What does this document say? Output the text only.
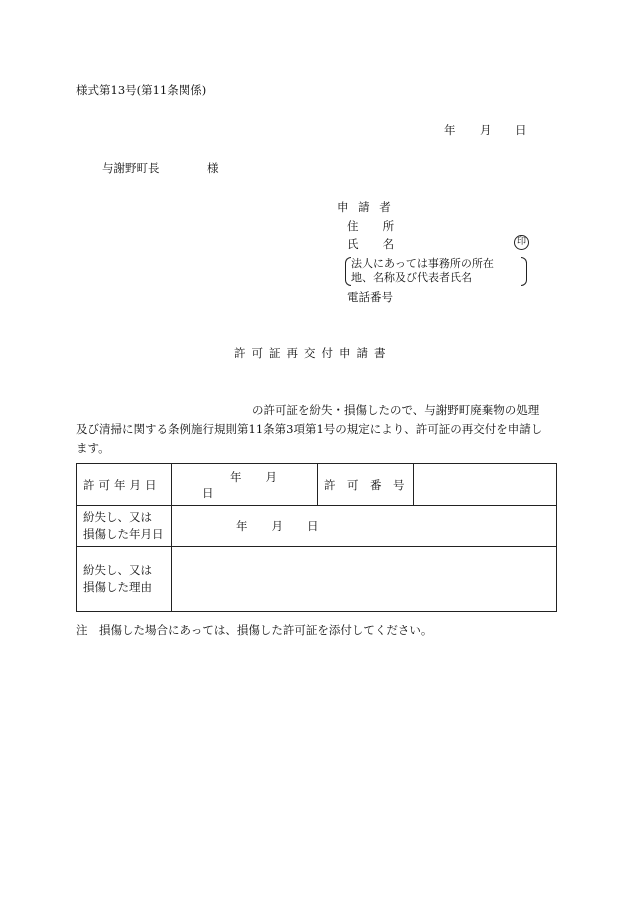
様式第13号(第11条関係)
年 月 日
与謝野町長	様
申 請 者
住　 所
氏　 名	印
法人にあっては事務所の所在
地、名称及び代表者氏名
電話番号
許可証再交付申請書
の許可証を紛失・損傷したので、与謝野町廃棄物の処理
及び清掃に関する条例施行規則第11条第3項第1号の規定により、許可証の再交付を申請し
ます。
許可年月日	年 月日	許　可　番　号	

紛失し、又は
損傷した年月日	年 月 日		

紛失し、又は
損傷した理由			

注　損傷した場合にあっては、損傷した許可証を添付してください。
